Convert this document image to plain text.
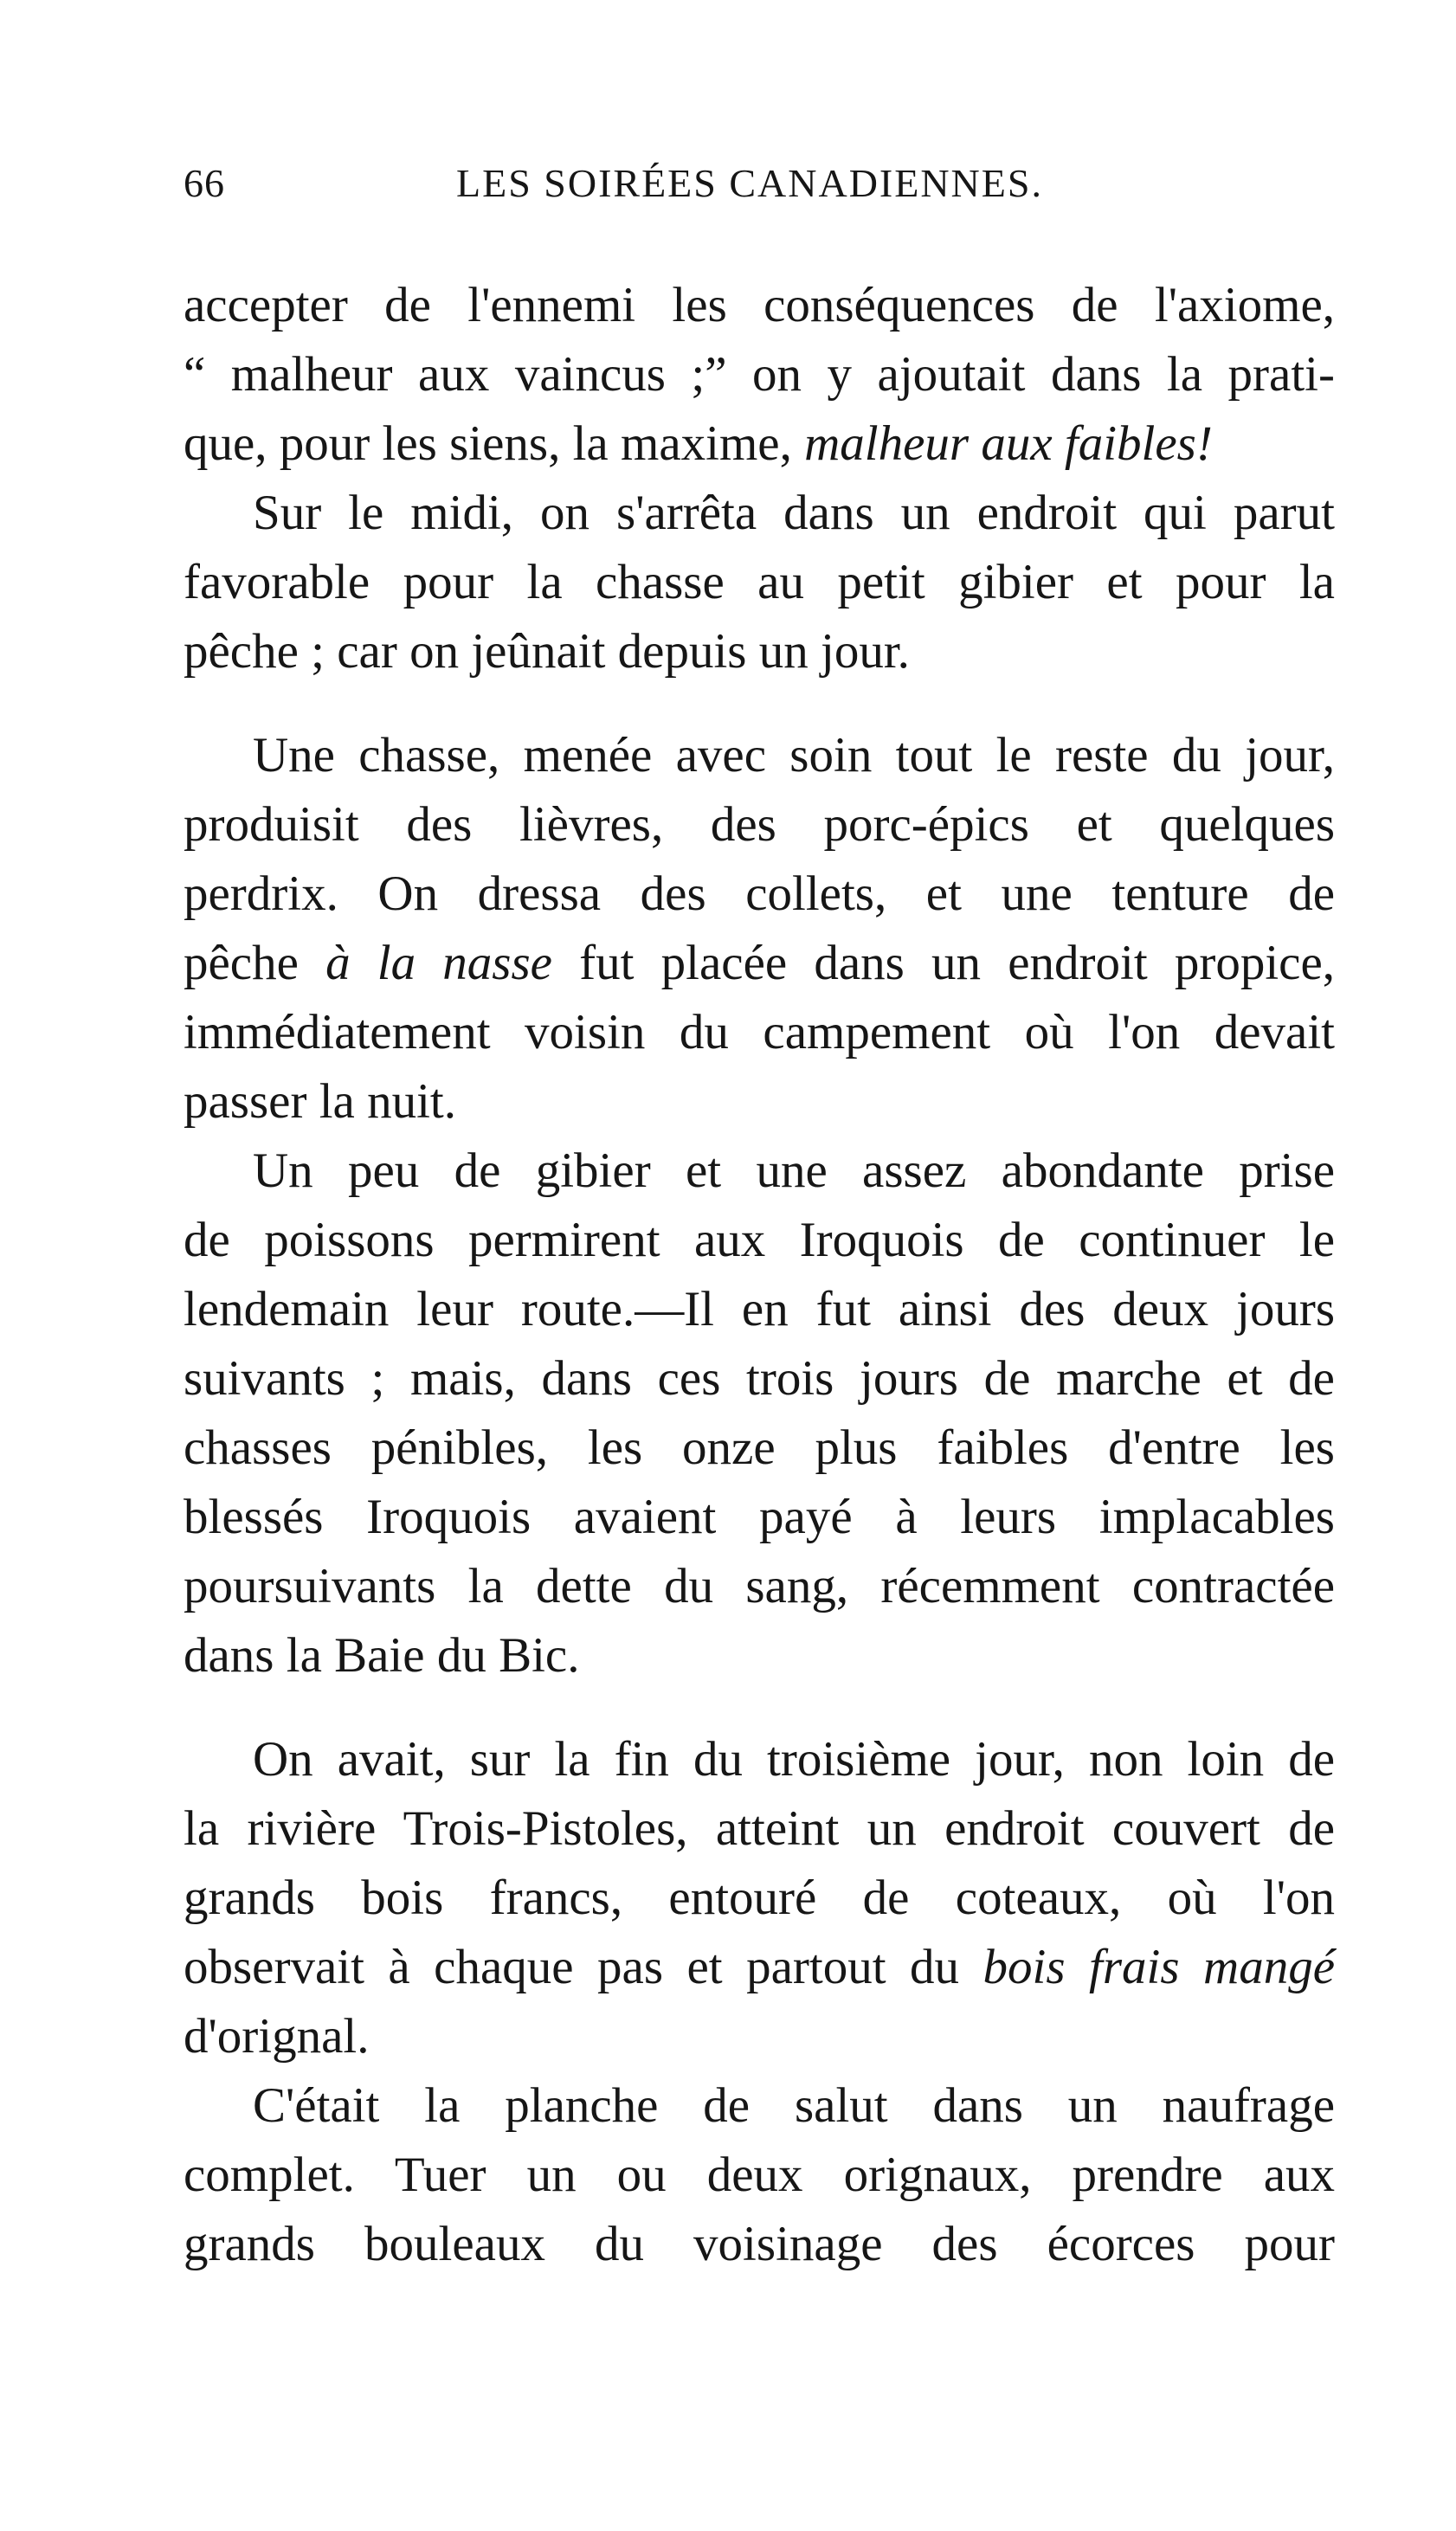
66	LES SOIRÉES CANADIENNES.
accepter de l'ennemi les conséquences de l'axiome,
“ malheur aux vaincus ;” on y ajoutait dans la prati-
que, pour les siens, la maxime, malheur aux faibles!
Sur le midi, on s'arrêta dans un endroit qui parut
favorable pour la chasse au petit gibier et pour la
pêche ; car on jeûnait depuis un jour.
Une chasse, menée avec soin tout le reste du jour,
produisit des lièvres, des porc-épics et quelques
perdrix. On dressa des collets, et une tenture de
pêche à la nasse fut placée dans un endroit propice,
immédiatement voisin du campement où l'on devait
passer la nuit.
Un peu de gibier et une assez abondante prise
de poissons permirent aux Iroquois de continuer le
lendemain leur route.—Il en fut ainsi des deux jours
suivants ; mais, dans ces trois jours de marche et de
chasses pénibles, les onze plus faibles d'entre les
blessés Iroquois avaient payé à leurs implacables
poursuivants la dette du sang, récemment contractée
dans la Baie du Bic.
On avait, sur la fin du troisième jour, non loin de
la rivière Trois-Pistoles, atteint un endroit couvert de
grands bois francs, entouré de coteaux, où l'on
observait à chaque pas et partout du bois frais mangé
d'orignal.
C'était la planche de salut dans un naufrage
complet. Tuer un ou deux orignaux, prendre aux
grands bouleaux du voisinage des écorces pour
